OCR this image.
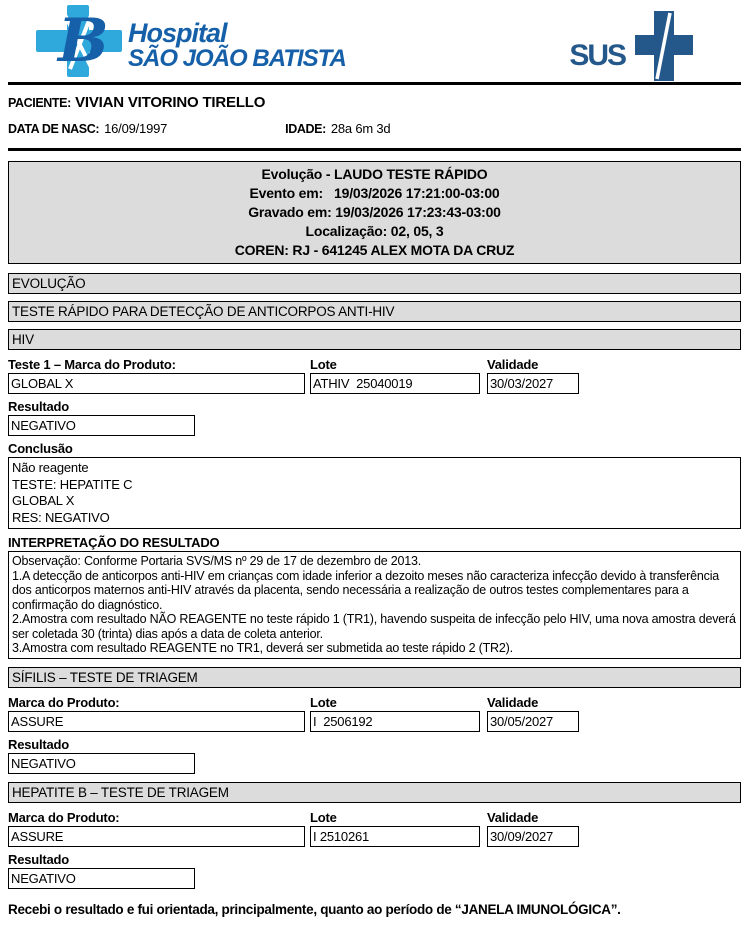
B Hospital
SÃO JOÃO BATISTA	SUS
PACIENTE: VIVIAN VITORINO TIRELLO
DATA DE NASC: 16/09/1997	IDADE: 28a 6m 3d
Evolução - LAUDO TESTE RÁPIDO
Evento em:   19/03/2026 17:21:00-03:00
Gravado em: 19/03/2026 17:23:43-03:00
Localização: 02, 05, 3
COREN: RJ - 641245 ALEX MOTA DA CRUZ
EVOLUÇÃO
TESTE RÁPIDO PARA DETECÇÃO DE ANTICORPOS ANTI-HIV
HIV
Teste 1 – Marca do Produto:	Lote	Validade
GLOBAL X	ATHIV  25040019	30/03/2027
Resultado
NEGATIVO
Conclusão
Não reagente
TESTE: HEPATITE C
GLOBAL X
RES: NEGATIVO
INTERPRETAÇÃO DO RESULTADO
Observação: Conforme Portaria SVS/MS nº 29 de 17 de dezembro de 2013.
1.A detecção de anticorpos anti-HIV em crianças com idade inferior a dezoito meses não caracteriza infecção devido à transferência dos anticorpos maternos anti-HIV através da placenta, sendo necessária a realização de outros testes complementares para a confirmação do diagnóstico.
2.Amostra com resultado NÃO REAGENTE no teste rápido 1 (TR1), havendo suspeita de infecção pelo HIV, uma nova amostra deverá ser coletada 30 (trinta) dias após a data de coleta anterior.
3.Amostra com resultado REAGENTE no TR1, deverá ser submetida ao teste rápido 2 (TR2).
SÍFILIS – TESTE DE TRIAGEM
Marca do Produto:	Lote	Validade
ASSURE	I  2506192	30/05/2027
Resultado
NEGATIVO
HEPATITE B – TESTE DE TRIAGEM
Marca do Produto:	Lote	Validade
ASSURE	I 2510261	30/09/2027
Resultado
NEGATIVO
Recebi o resultado e fui orientada, principalmente, quanto ao período de “JANELA IMUNOLÓGICA”.
